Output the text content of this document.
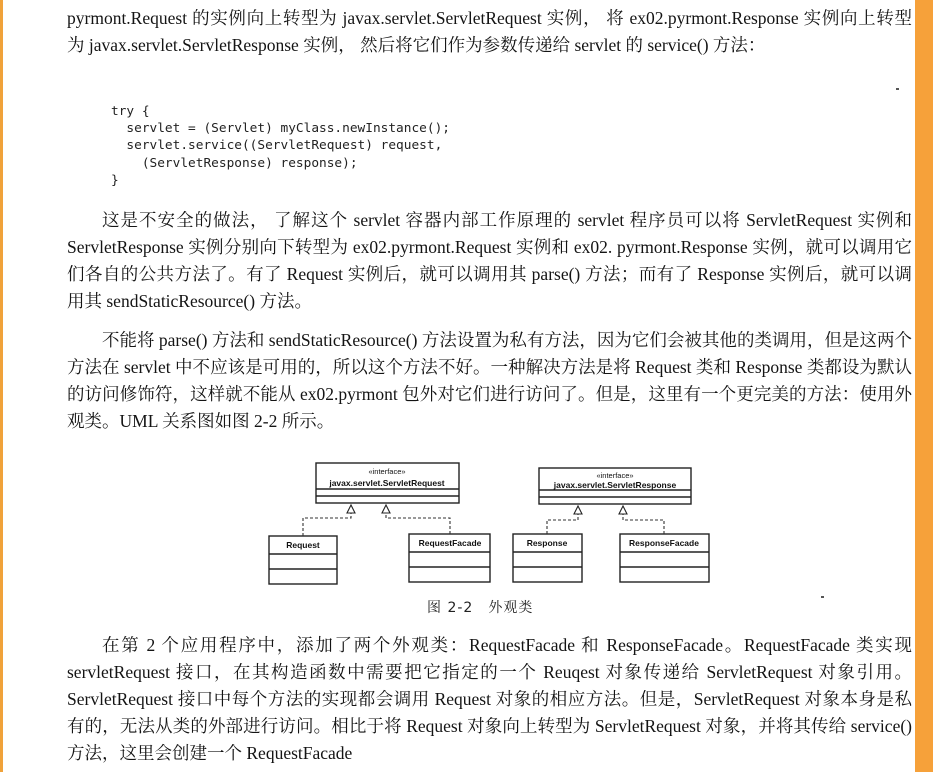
pyrmont.Request 的实例向上转型为 javax.servlet.ServletRequest 实例， 将 ex02.pyrmont.Response 实例向上转型为 javax.servlet.ServletResponse 实例， 然后将它们作为参数传递给 servlet 的 service() 方法：

try {
servlet = (Servlet) myClass.newInstance();
servlet.service((ServletRequest) request,
(ServletResponse) response);
}

这是不安全的做法， 了解这个 servlet 容器内部工作原理的 servlet 程序员可以将 ServletRequest 实例和 ServletResponse 实例分别向下转型为 ex02.pyrmont.Request 实例和 ex02. pyrmont.Response 实例，就可以调用它们各自的公共方法了。有了 Request 实例后，就可以调用其 parse() 方法；而有了 Response 实例后，就可以调用其 sendStaticResource() 方法。

不能将 parse() 方法和 sendStaticResource() 方法设置为私有方法，因为它们会被其他的类调用，但是这两个方法在 servlet 中不应该是可用的，所以这个方法不好。一种解决方法是将 Request 类和 Response 类都设为默认的访问修饰符，这样就不能从 ex02.pyrmont 包外对它们进行访问了。但是，这里有一个更完美的方法：使用外观类。UML 关系图如图 2-2 所示。

«interface»
javax.servlet.ServletRequest
«interface»
javax.servlet.ServletResponse
Request	RequestFacade	Response	ResponseFacade
图 2-2　外观类

在第 2 个应用程序中，添加了两个外观类：RequestFacade 和 ResponseFacade。RequestFacade 类实现 servletRequest 接口，在其构造函数中需要把它指定的一个 Reuqest 对象传递给 ServletRequest 对象引用。ServletRequest 接口中每个方法的实现都会调用 Request 对象的相应方法。但是，ServletRequest 对象本身是私有的，无法从类的外部进行访问。相比于将 Request 对象向上转型为 ServletRequest 对象，并将其传给 service() 方法，这里会创建一个 RequestFacade
